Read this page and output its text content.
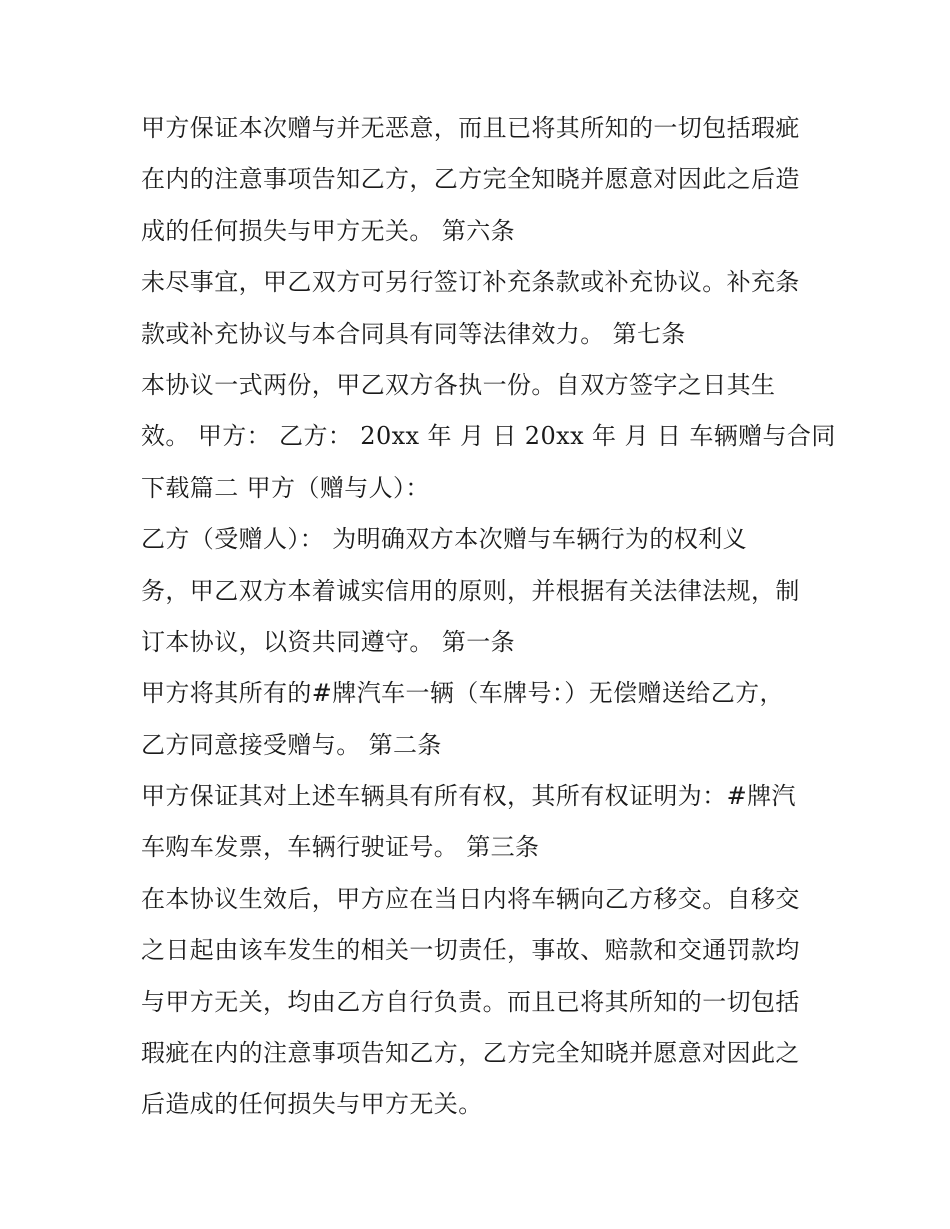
甲方保证本次赠与并无恶意，而且已将其所知的一切包括瑕疵
在内的注意事项告知乙方，乙方完全知晓并愿意对因此之后造
成的任何损失与甲方无关。 第六条
未尽事宜，甲乙双方可另行签订补充条款或补充协议。补充条
款或补充协议与本合同具有同等法律效力。 第七条
本协议一式两份，甲乙双方各执一份。自双方签字之日其生
效。 甲方： 乙方： 20xx 年 月 日 20xx 年 月 日 车辆赠与合同
下载篇二 甲方（赠与人）：
乙方（受赠人）： 为明确双方本次赠与车辆行为的权利义
务，甲乙双方本着诚实信用的原则，并根据有关法律法规，制
订本协议，以资共同遵守。 第一条
甲方将其所有的#牌汽车一辆（车牌号：）无偿赠送给乙方，
乙方同意接受赠与。 第二条
甲方保证其对上述车辆具有所有权，其所有权证明为：#牌汽
车购车发票，车辆行驶证号。 第三条
在本协议生效后，甲方应在当日内将车辆向乙方移交。自移交
之日起由该车发生的相关一切责任，事故、赔款和交通罚款均
与甲方无关，均由乙方自行负责。而且已将其所知的一切包括
瑕疵在内的注意事项告知乙方，乙方完全知晓并愿意对因此之
后造成的任何损失与甲方无关。
